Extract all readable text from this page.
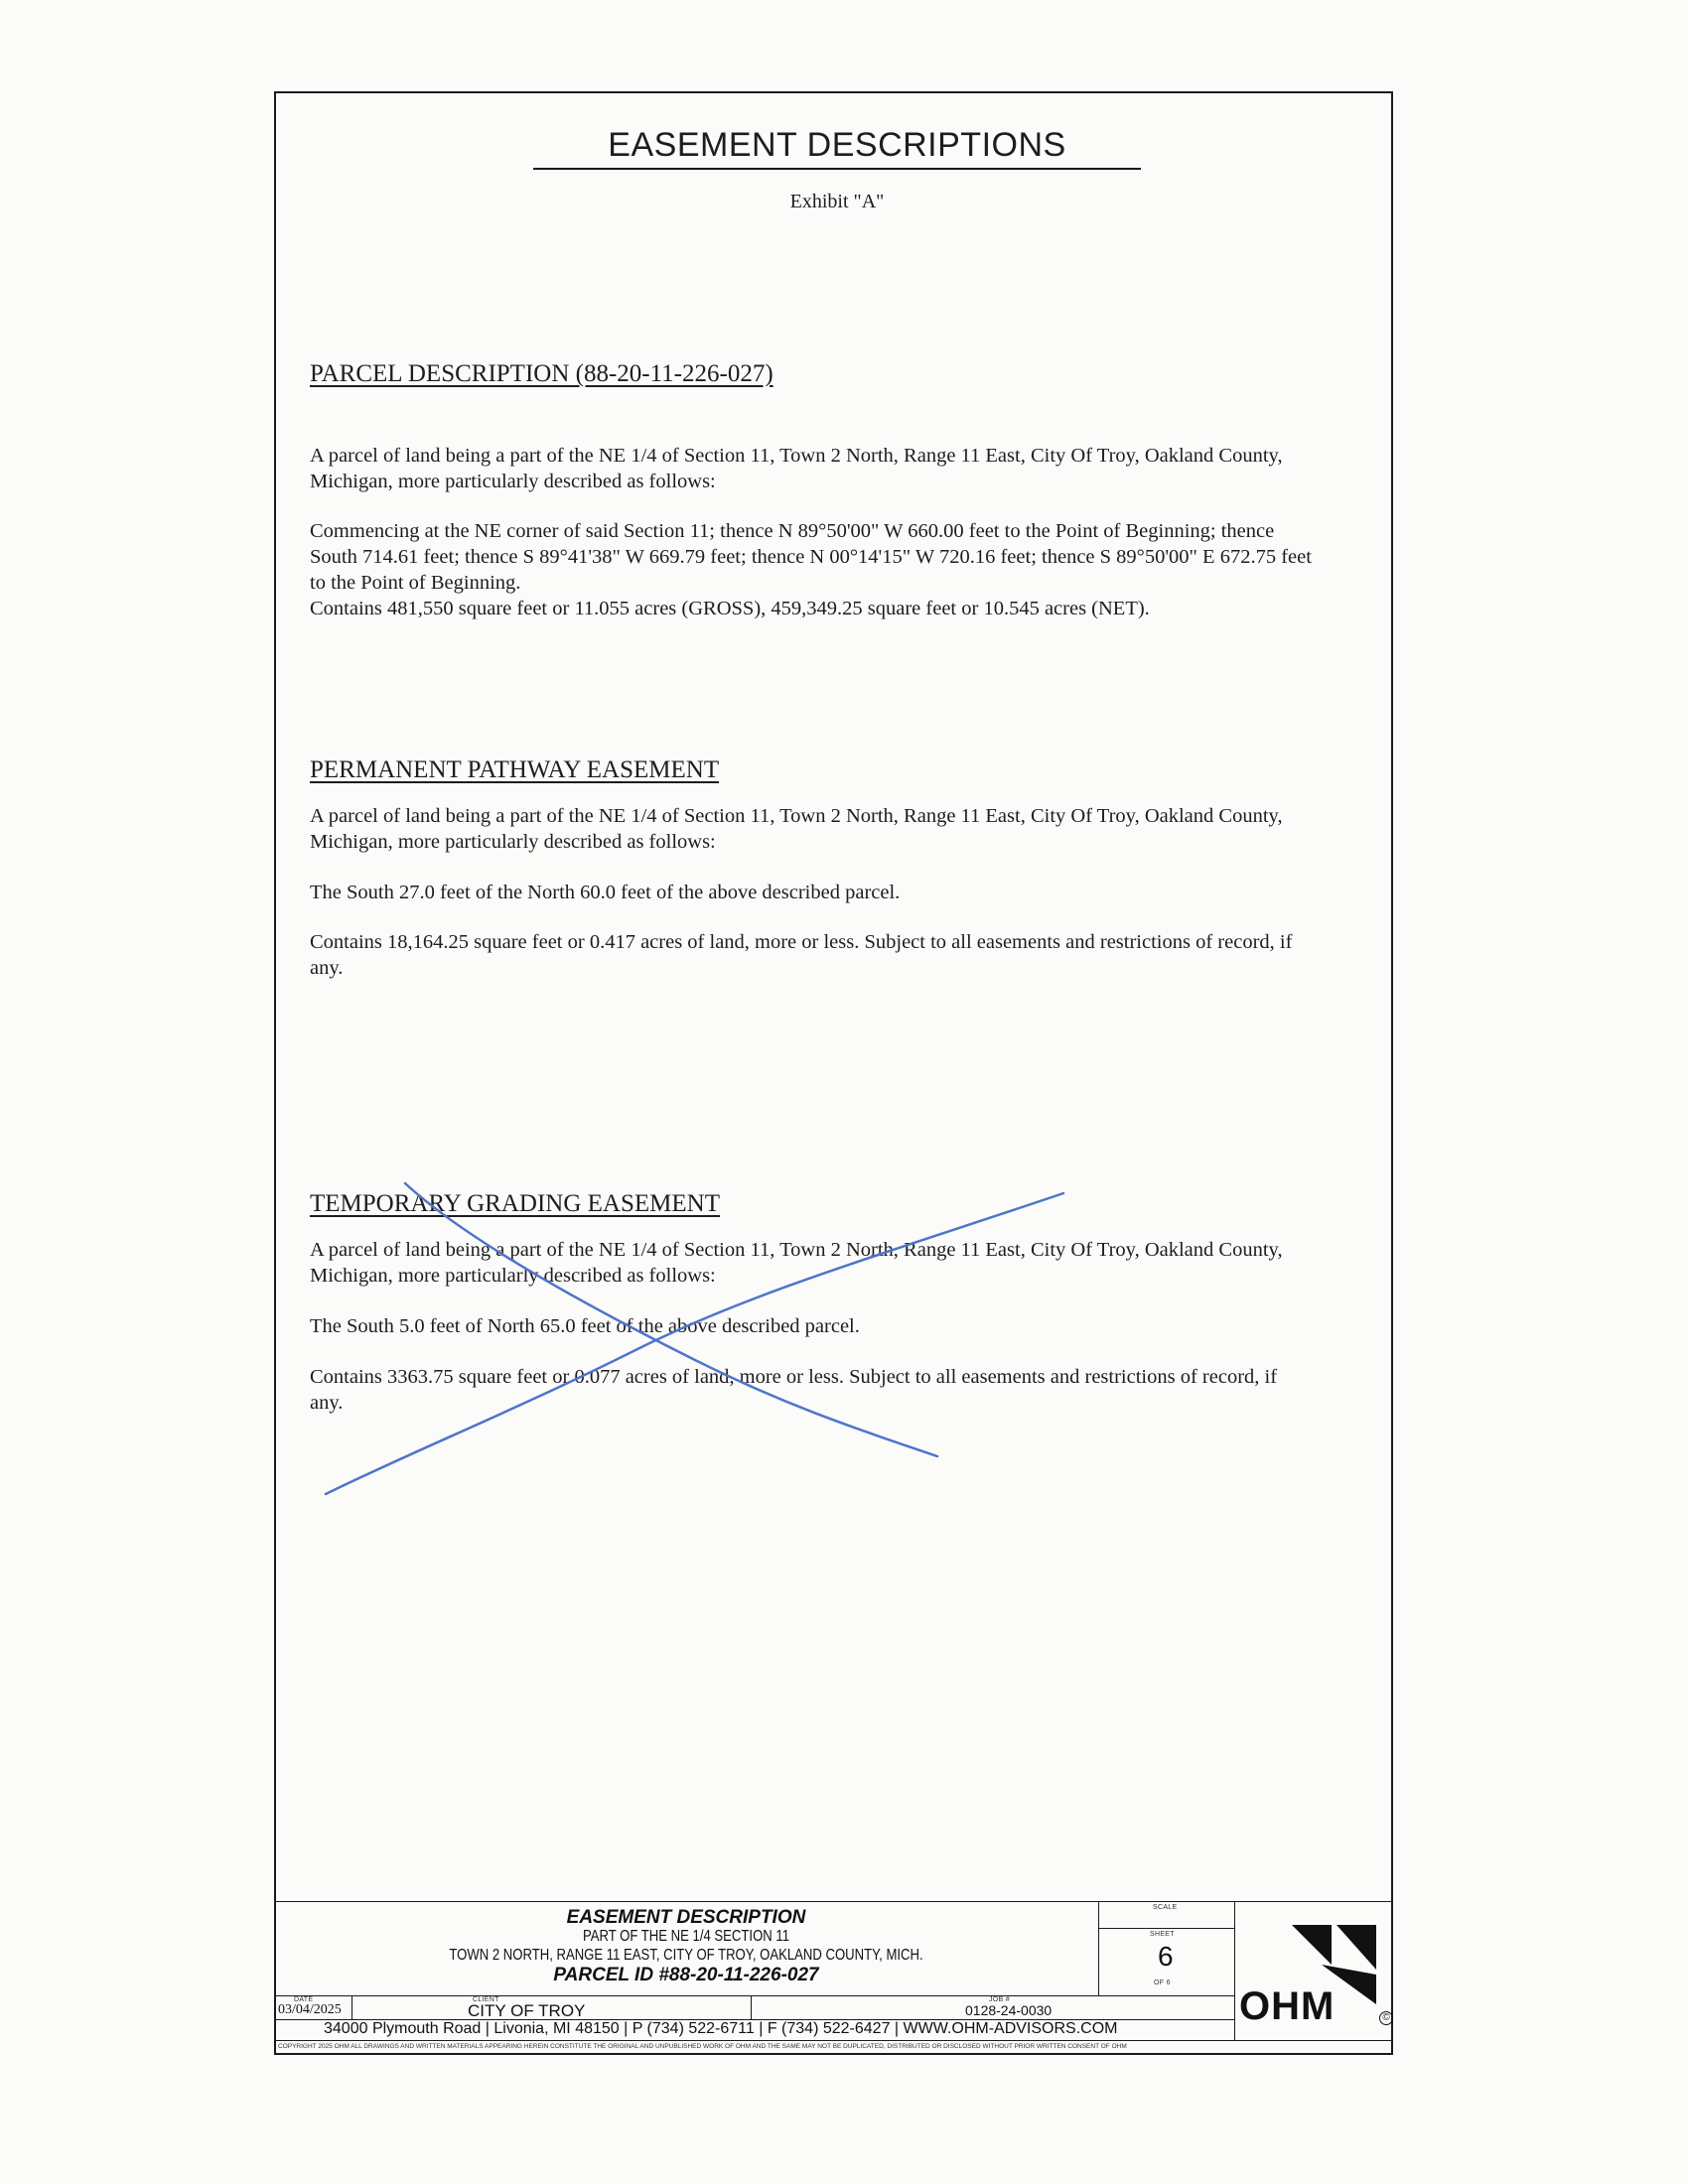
EASEMENT DESCRIPTIONS
Exhibit "A"
PARCEL DESCRIPTION (88-20-11-226-027)

A parcel of land being a part of the NE 1/4 of Section 11, Town 2 North, Range 11 East, City Of Troy, Oakland County, Michigan, more particularly described as follows:

Commencing at the NE corner of said Section 11; thence N 89°50'00" W 660.00 feet to the Point of Beginning; thence South 714.61 feet; thence S 89°41'38" W 669.79 feet; thence N 00°14'15" W 720.16 feet; thence S 89°50'00" E 672.75 feet to the Point of Beginning.

Contains 481,550 square feet or 11.055 acres (GROSS), 459,349.25 square feet or 10.545 acres (NET).

PERMANENT PATHWAY EASEMENT

A parcel of land being a part of the NE 1/4 of Section 11, Town 2 North, Range 11 East, City Of Troy, Oakland County, Michigan, more particularly described as follows:

The South 27.0 feet of the North 60.0 feet of the above described parcel.

Contains 18,164.25 square feet or 0.417 acres of land, more or less. Subject to all easements and restrictions of record, if any.

TEMPORARY GRADING EASEMENT

A parcel of land being a part of the NE 1/4 of Section 11, Town 2 North, Range 11 East, City Of Troy, Oakland County, Michigan, more particularly described as follows:

The South 5.0 feet of North 65.0 feet of the above described parcel.

Contains 3363.75 square feet or 0.077 acres of land, more or less. Subject to all easements and restrictions of record, if any.

EASEMENT DESCRIPTION
PART OF THE NE 1/4 SECTION 11
TOWN 2 NORTH, RANGE 11 EAST, CITY OF TROY, OAKLAND COUNTY, MICH.
PARCEL ID #88-20-11-226-027
SCALE
SHEET
6
OF 6
DATE
03/04/2025
CLIENT
CITY OF TROY
JOB #
0128-24-0030
34000 Plymouth Road | Livonia, MI 48150 | P (734) 522-6711 | F (734) 522-6427 | WWW.OHM-ADVISORS.COM
COPYRIGHT 2025 OHM ALL DRAWINGS AND WRITTEN MATERIALS APPEARING HEREIN CONSTITUTE THE ORIGINAL AND UNPUBLISHED WORK OF OHM AND THE SAME MAY NOT BE DUPLICATED, DISTRIBUTED OR DISCLOSED WITHOUT PRIOR WRITTEN CONSENT OF OHM
OHM	©
